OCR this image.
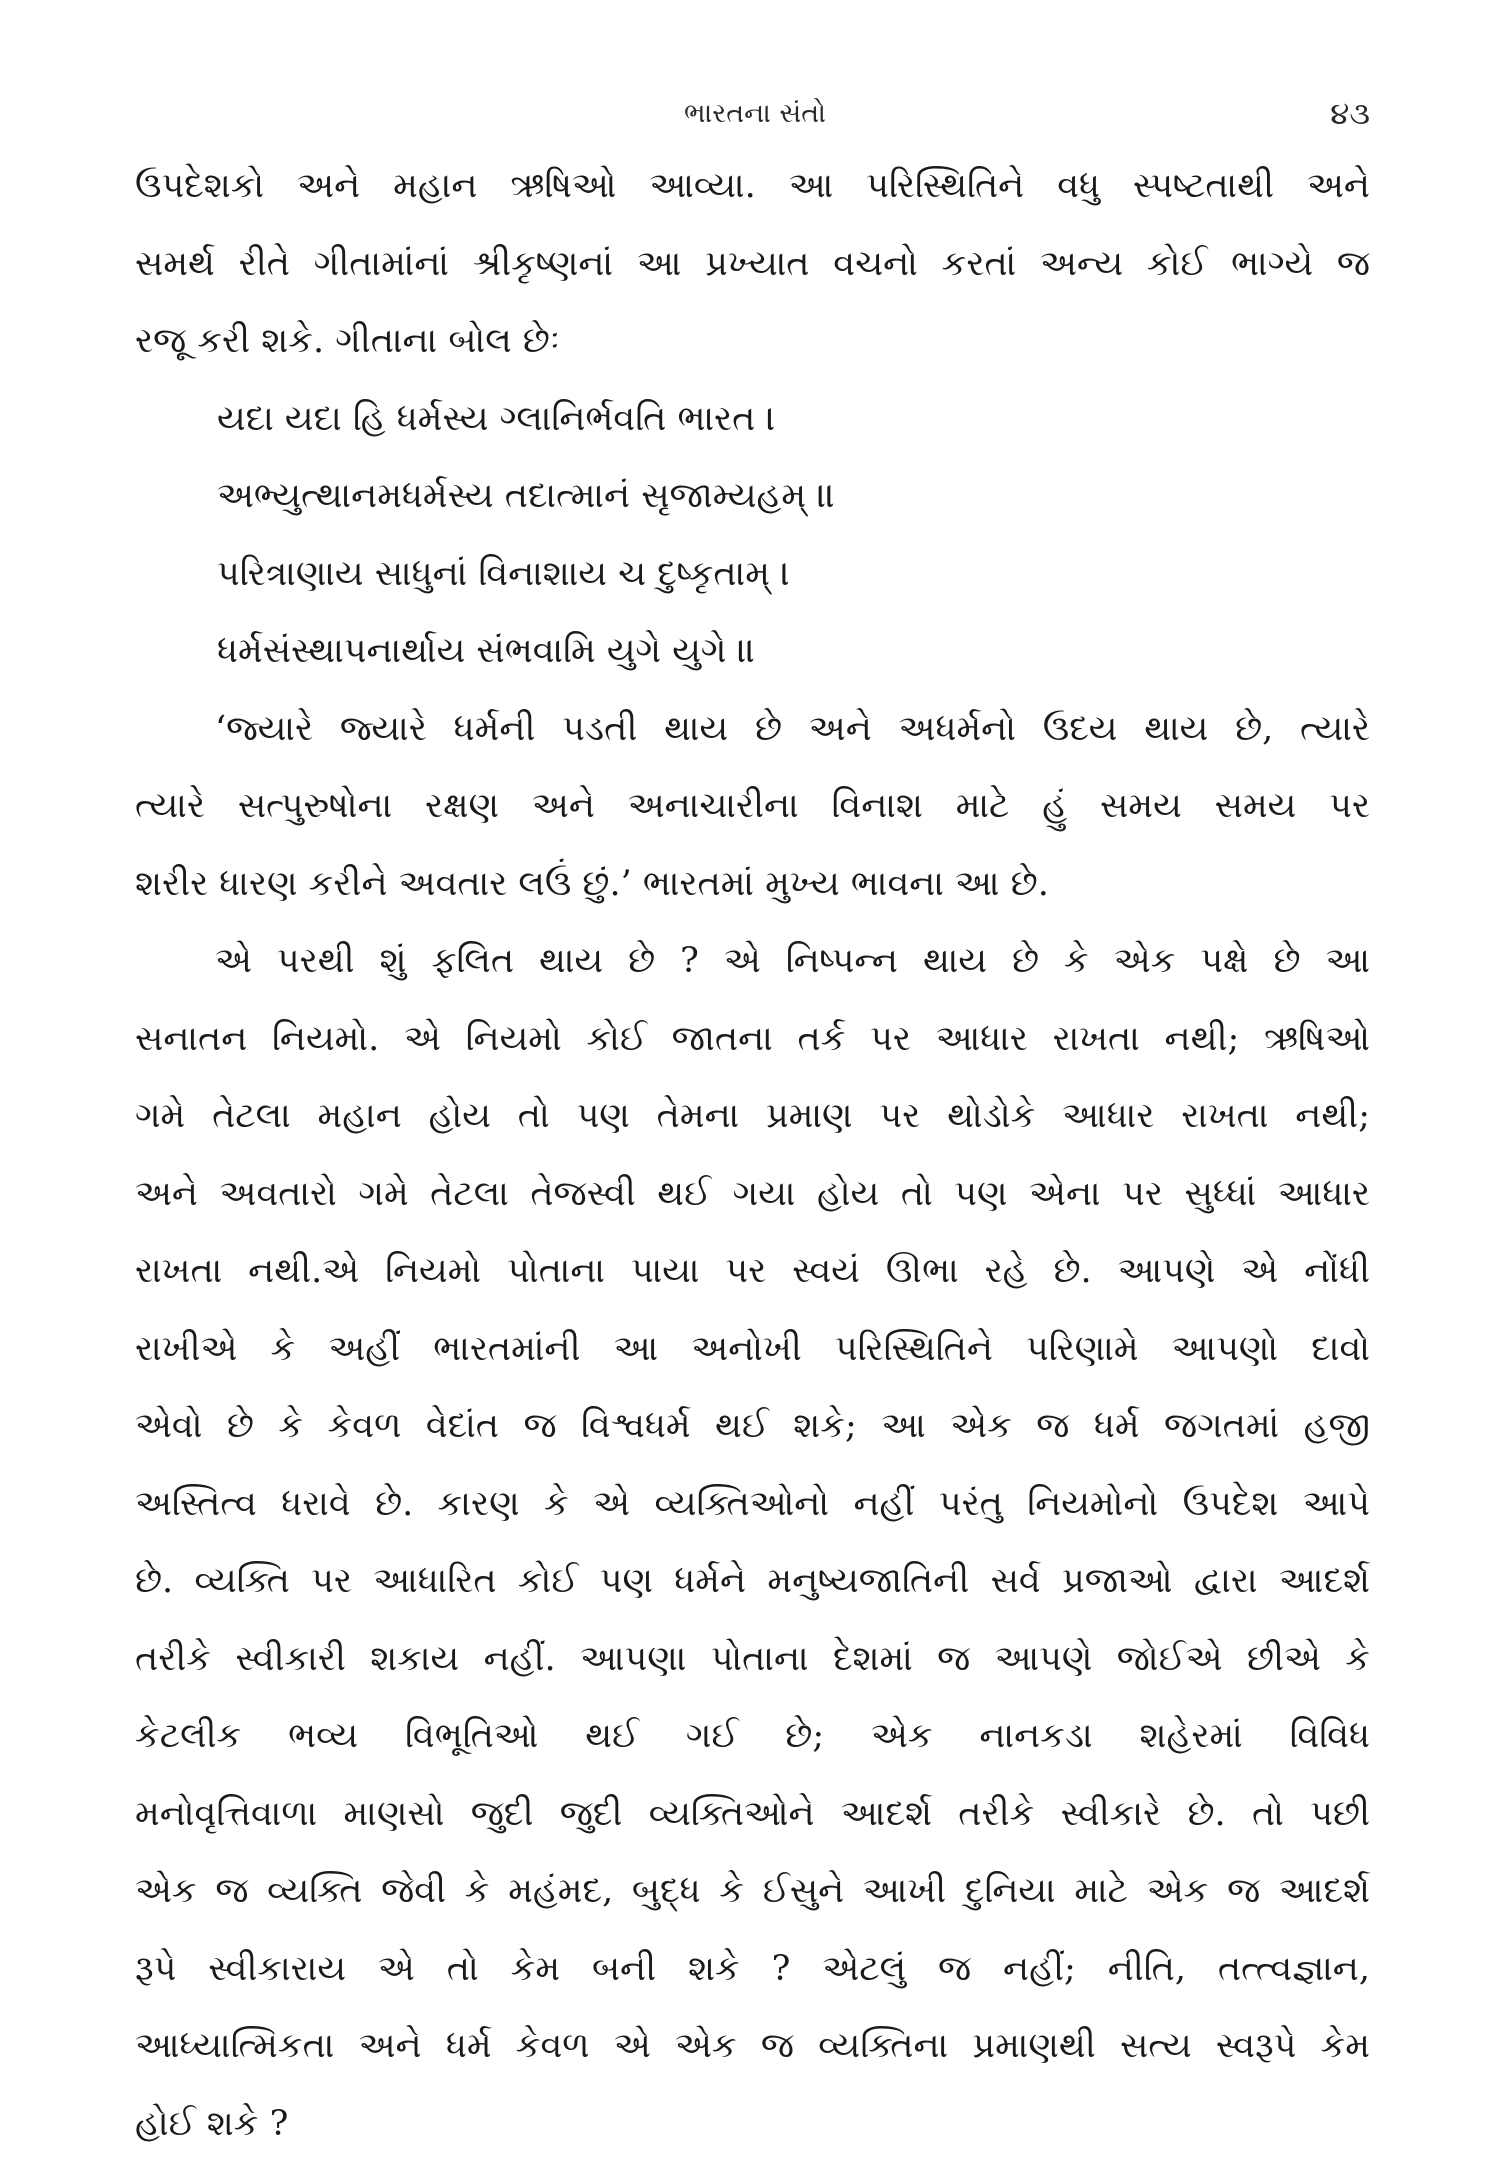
ભારતના સંતો	૪૩
ઉપદેશકો અને મહાન ઋષિઓ આવ્યા. આ પરિસ્થિતિને વધુ સ્પષ્ટતાથી અને
સમર્થ રીતે ગીતામાંનાં શ્રીકૃષ્ણનાં આ પ્રખ્યાત વચનો કરતાં અન્ય કોઈ ભાગ્યે જ
રજૂ કરી શકે. ગીતાના બોલ છેઃ
યદા યદા હિ ધર્મસ્ય ગ્લાનિર્ભવતિ ભારત ।
અભ્યુત્થાનમધર્મસ્ય તદાત્માનં સૃજામ્યહમ્ ॥
પરિત્રાણાય સાધુનાં વિનાશાય ચ દુષ્કૃતામ્ ।
ધર્મસંસ્થાપનાર્થાય સંભવામિ યુગે યુગે ॥
‘જ્યારે જ્યારે ધર્મની પડતી થાય છે અને અધર્મનો ઉદય થાય છે, ત્યારે
ત્યારે સત્પુરુષોના રક્ષણ અને અનાચારીના વિનાશ માટે હું સમય સમય પર
શરીર ધારણ કરીને અવતાર લઉં છું.’ ભારતમાં મુખ્ય ભાવના આ છે.
એ પરથી શું ફલિત થાય છે ? એ નિષ્પન્ન થાય છે કે એક પક્ષે છે આ
સનાતન નિયમો. એ નિયમો કોઈ જાતના તર્ક પર આધાર રાખતા નથી; ઋષિઓ
ગમે તેટલા મહાન હોય તો પણ તેમના પ્રમાણ પર થોડોકે આધાર રાખતા નથી;
અને અવતારો ગમે તેટલા તેજસ્વી થઈ ગયા હોય તો પણ એના પર સુધ્ધાં આધાર
રાખતા નથી.એ નિયમો પોતાના પાયા પર સ્વયં ઊભા રહે છે. આપણે એ નોંધી
રાખીએ કે અહીં ભારતમાંની આ અનોખી પરિસ્થિતિને પરિણામે આપણો દાવો
એવો છે કે કેવળ વેદાંત જ વિશ્વધર્મ થઈ શકે; આ એક જ ધર્મ જગતમાં હજી
અસ્તિત્વ ધરાવે છે. કારણ કે એ વ્યક્તિઓનો નહીં પરંતુ નિયમોનો ઉપદેશ આપે
છે. વ્યક્તિ પર આધારિત કોઈ પણ ધર્મને મનુષ્યજાતિની સર્વ પ્રજાઓ દ્વારા આદર્શ
તરીકે સ્વીકારી શકાય નહીં. આપણા પોતાના દેશમાં જ આપણે જોઈએ છીએ કે
કેટલીક ભવ્ય વિભૂતિઓ થઈ ગઈ છે; એક નાનકડા શહેરમાં વિવિધ
મનોવૃત્તિવાળા માણસો જુદી જુદી વ્યક્તિઓને આદર્શ તરીકે સ્વીકારે છે. તો પછી
એક જ વ્યક્તિ જેવી કે મહંમદ, બુદ્ધ કે ઈસુને આખી દુનિયા માટે એક જ આદર્શ
રૂપે સ્વીકારાય એ તો કેમ બની શકે ? એટલું જ નહીં; નીતિ, તત્ત્વજ્ઞાન,
આધ્યાત્મિકતા અને ધર્મ કેવળ એ એક જ વ્યક્તિના પ્રમાણથી સત્ય સ્વરૂપે કેમ
હોઈ શકે ?
